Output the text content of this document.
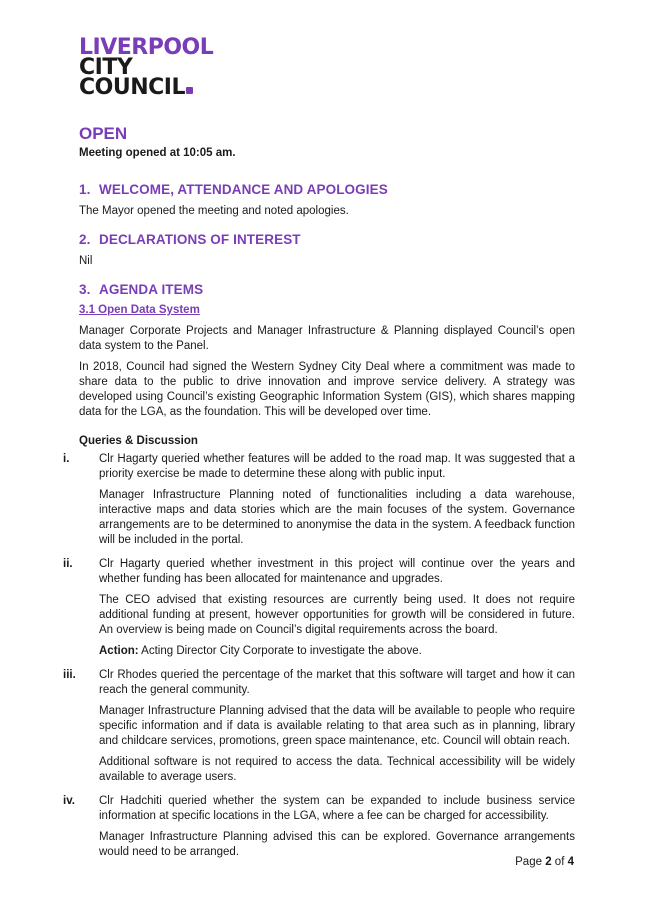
LIVERPOOL
CITY
COUNCIL
OPEN
Meeting opened at 10:05 am.
1. WELCOME, ATTENDANCE AND APOLOGIES

The Mayor opened the meeting and noted apologies.

2. DECLARATIONS OF INTEREST

Nil

3. AGENDA ITEMS
3.1 Open Data System

Manager Corporate Projects and Manager Infrastructure & Planning displayed Council’s open data system to the Panel.

In 2018, Council had signed the Western Sydney City Deal where a commitment was made to share data to the public to drive innovation and improve service delivery. A strategy was developed using Council’s existing Geographic Information System (GIS), which shares mapping data for the LGA, as the foundation. This will be developed over time.

Queries & Discussion
i.	Clr Hagarty queried whether features will be added to the road map. It was suggested that a priority exercise be made to determine these along with public input.

Manager Infrastructure Planning noted of functionalities including a data warehouse, interactive maps and data stories which are the main focuses of the system. Governance arrangements are to be determined to anonymise the data in the system. A feedback function will be included in the portal.

ii.	Clr Hagarty queried whether investment in this project will continue over the years and whether funding has been allocated for maintenance and upgrades.

The CEO advised that existing resources are currently being used. It does not require additional funding at present, however opportunities for growth will be considered in future. An overview is being made on Council’s digital requirements across the board.

Action: Acting Director City Corporate to investigate the above.

iii.	Clr Rhodes queried the percentage of the market that this software will target and how it can reach the general community.

Manager Infrastructure Planning advised that the data will be available to people who require specific information and if data is available relating to that area such as in planning, library and childcare services, promotions, green space maintenance, etc. Council will obtain reach.

Additional software is not required to access the data. Technical accessibility will be widely available to average users.

iv.	Clr Hadchiti queried whether the system can be expanded to include business service information at specific locations in the LGA, where a fee can be charged for accessibility.

Manager Infrastructure Planning advised this can be explored. Governance arrangements would need to be arranged.

Page 2 of 4
